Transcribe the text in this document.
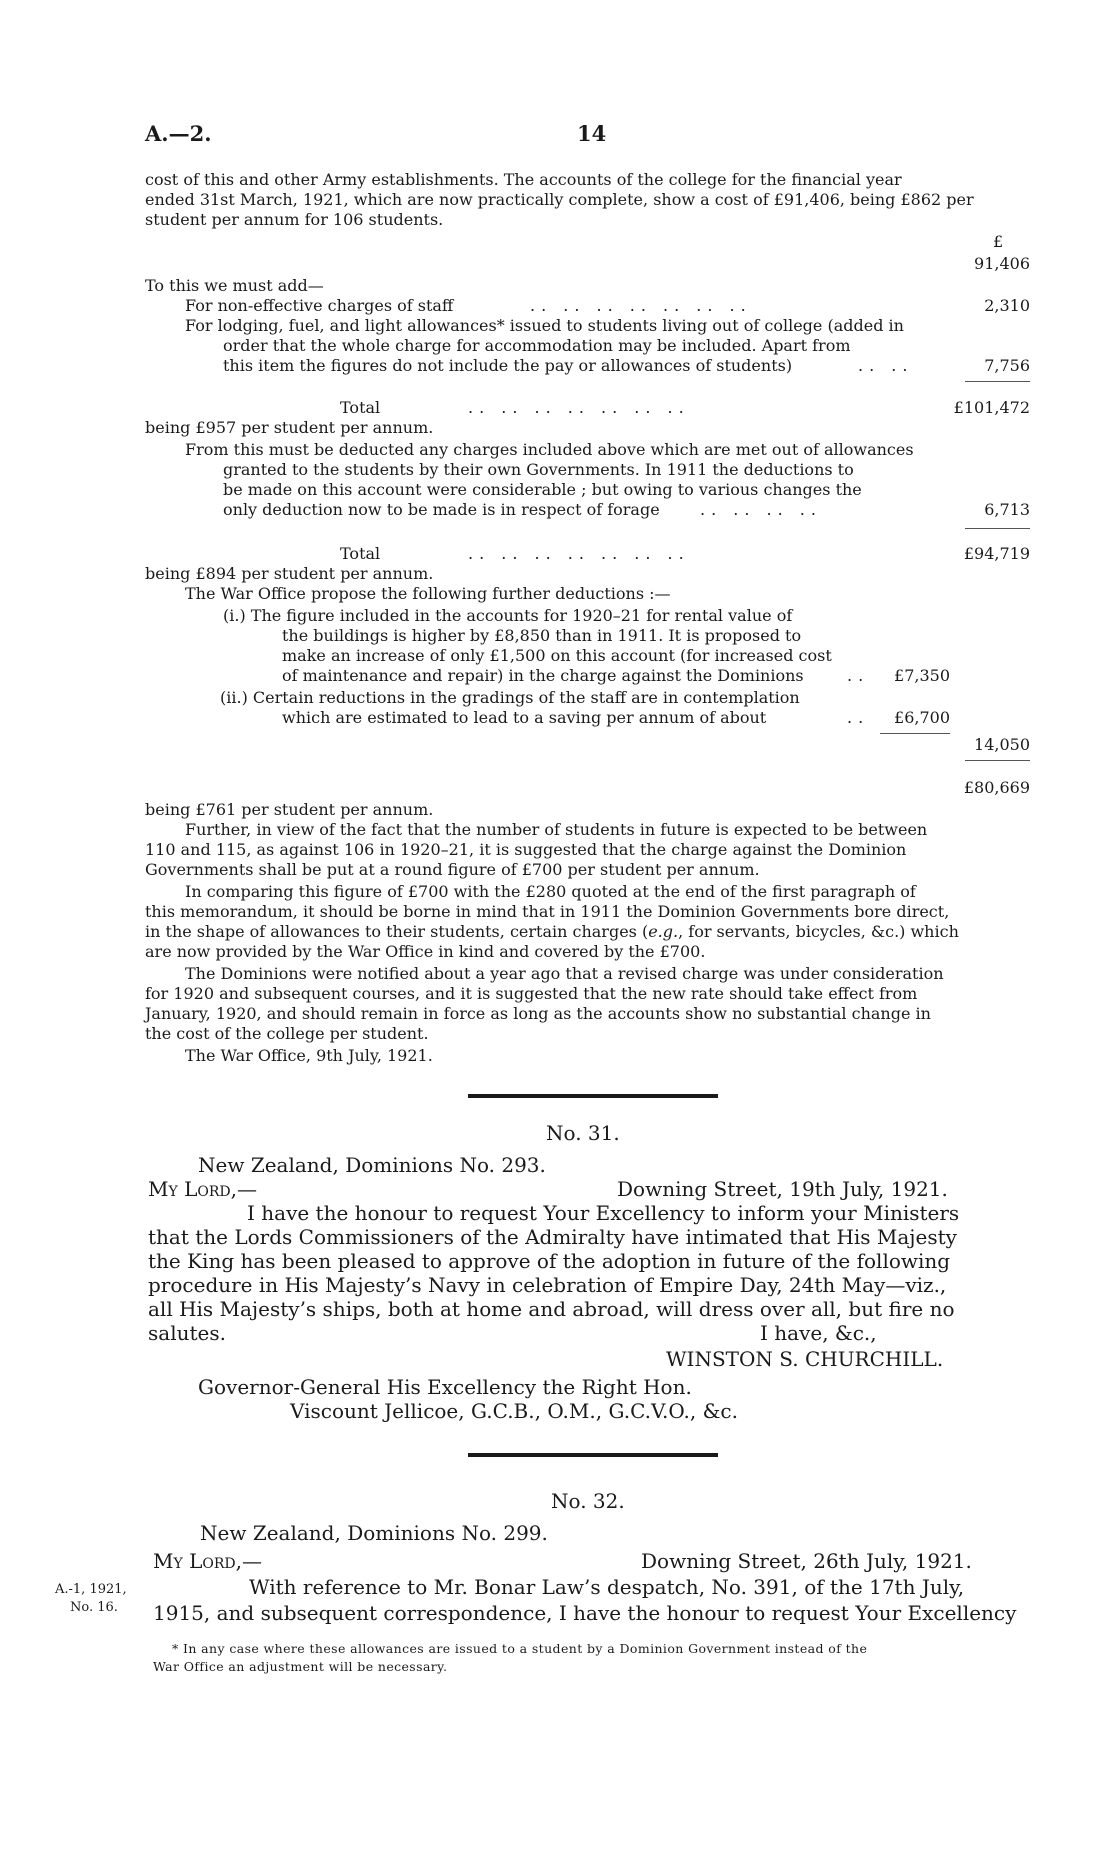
A.—2.	14
cost of this and other Army establishments. The accounts of the college for the financial year
ended 31st March, 1921, which are now practically complete, show a cost of £91,406, being £862 per
student per annum for 106 students.
£
91,406
To this we must add—
For non-effective charges of staff	.. .. .. .. .. .. ..	2,310
For lodging, fuel, and light allowances* issued to students living out of college (added in
order that the whole charge for accommodation may be included. Apart from
this item the figures do not include the pay or allowances of students)	.. ..	7,756
Total	.. .. .. .. .. .. ..	£101,472
being £957 per student per annum.
From this must be deducted any charges included above which are met out of allowances
granted to the students by their own Governments. In 1911 the deductions to
be made on this account were considerable ; but owing to various changes the
only deduction now to be made is in respect of forage	.. .. .. ..	6,713
Total	.. .. .. .. .. .. ..	£94,719
being £894 per student per annum.
The War Office propose the following further deductions :—
(i.) The figure included in the accounts for 1920–21 for rental value of
the buildings is higher by £8,850 than in 1911. It is proposed to
make an increase of only £1,500 on this account (for increased cost
of maintenance and repair) in the charge against the Dominions	..	£7,350
(ii.) Certain reductions in the gradings of the staff are in contemplation
which are estimated to lead to a saving per annum of about	..	£6,700
14,050
£80,669
being £761 per student per annum.
Further, in view of the fact that the number of students in future is expected to be between
110 and 115, as against 106 in 1920–21, it is suggested that the charge against the Dominion
Governments shall be put at a round figure of £700 per student per annum.
In comparing this figure of £700 with the £280 quoted at the end of the first paragraph of
this memorandum, it should be borne in mind that in 1911 the Dominion Governments bore direct,
in the shape of allowances to their students, certain charges (e.g., for servants, bicycles, &c.) which
are now provided by the War Office in kind and covered by the £700.
The Dominions were notified about a year ago that a revised charge was under consideration
for 1920 and subsequent courses, and it is suggested that the new rate should take effect from
January, 1920, and should remain in force as long as the accounts show no substantial change in
the cost of the college per student.
The War Office, 9th July, 1921.
No. 31.
New Zealand, Dominions No. 293.
My Lord,—	Downing Street, 19th July, 1921.
I have the honour to request Your Excellency to inform your Ministers
that the Lords Commissioners of the Admiralty have intimated that His Majesty
the King has been pleased to approve of the adoption in future of the following
procedure in His Majesty’s Navy in celebration of Empire Day, 24th May—viz.,
all His Majesty’s ships, both at home and abroad, will dress over all, but fire no
salutes.	I have, &c.,
WINSTON S. CHURCHILL.
Governor-General His Excellency the Right Hon.
Viscount Jellicoe, G.C.B., O.M., G.C.V.O., &c.
No. 32.
New Zealand, Dominions No. 299.
My Lord,—	Downing Street, 26th July, 1921.
A.-1, 1921,
No. 16.
With reference to Mr. Bonar Law’s despatch, No. 391, of the 17th July,
1915, and subsequent correspondence, I have the honour to request Your Excellency
* In any case where these allowances are issued to a student by a Dominion Government instead of the
War Office an adjustment will be necessary.
